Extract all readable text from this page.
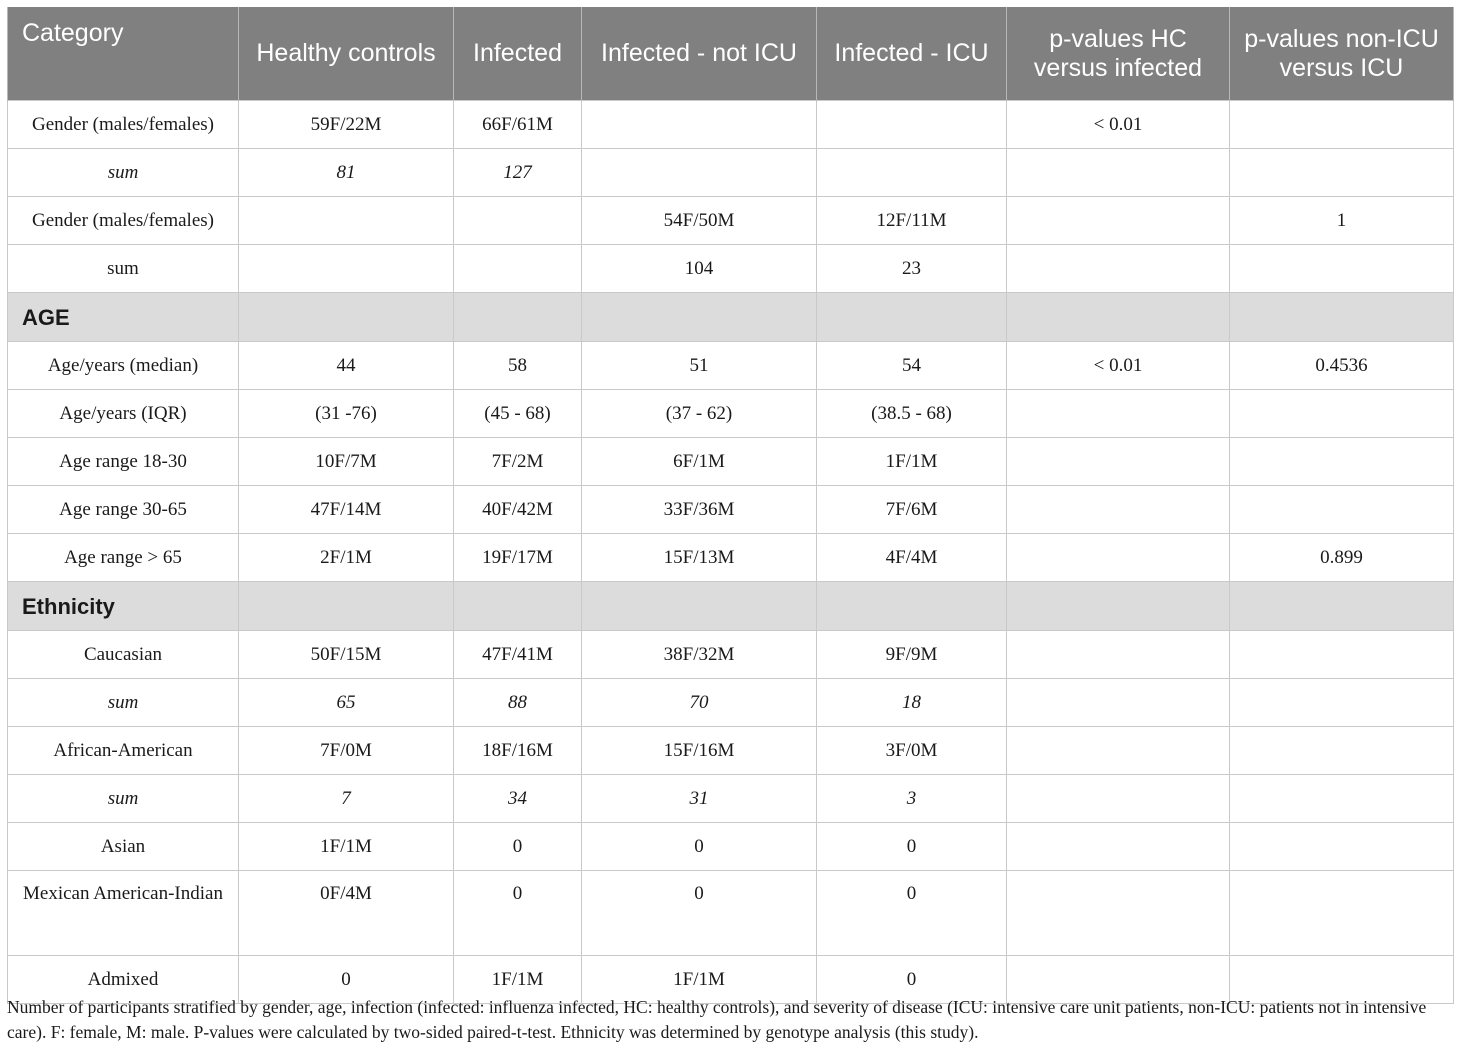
Category	Healthy controls	Infected	Infected - not ICU	Infected - ICU	p-values HC versus infected	p-values non-ICU versus ICU
Gender (males/females)	59F/22M	66F/61M			< 0.01	
sum	81	127				
Gender (males/females)			54F/50M	12F/11M		1
sum			104	23		
AGE						
Age/years (median)	44	58	51	54	< 0.01	0.4536
Age/years (IQR)	(31 -76)	(45 - 68)	(37 - 62)	(38.5 - 68)		
Age range 18-30	10F/7M	7F/2M	6F/1M	1F/1M		
Age range 30-65	47F/14M	40F/42M	33F/36M	7F/6M		
Age range > 65	2F/1M	19F/17M	15F/13M	4F/4M		0.899
Ethnicity						
Caucasian	50F/15M	47F/41M	38F/32M	9F/9M		
sum	65	88	70	18		
African-American	7F/0M	18F/16M	15F/16M	3F/0M		
sum	7	34	31	3		
Asian	1F/1M	0	0	0		
Mexican American-Indian	0F/4M	0	0	0		
Admixed	0	1F/1M	1F/1M	0		

Number of participants stratified by gender, age, infection (infected: influenza infected, HC: healthy controls), and severity of disease (ICU: intensive care unit patients, non-ICU: patients not in intensive care). F: female, M: male. P-values were calculated by two-sided paired-t-test. Ethnicity was determined by genotype analysis (this study).
